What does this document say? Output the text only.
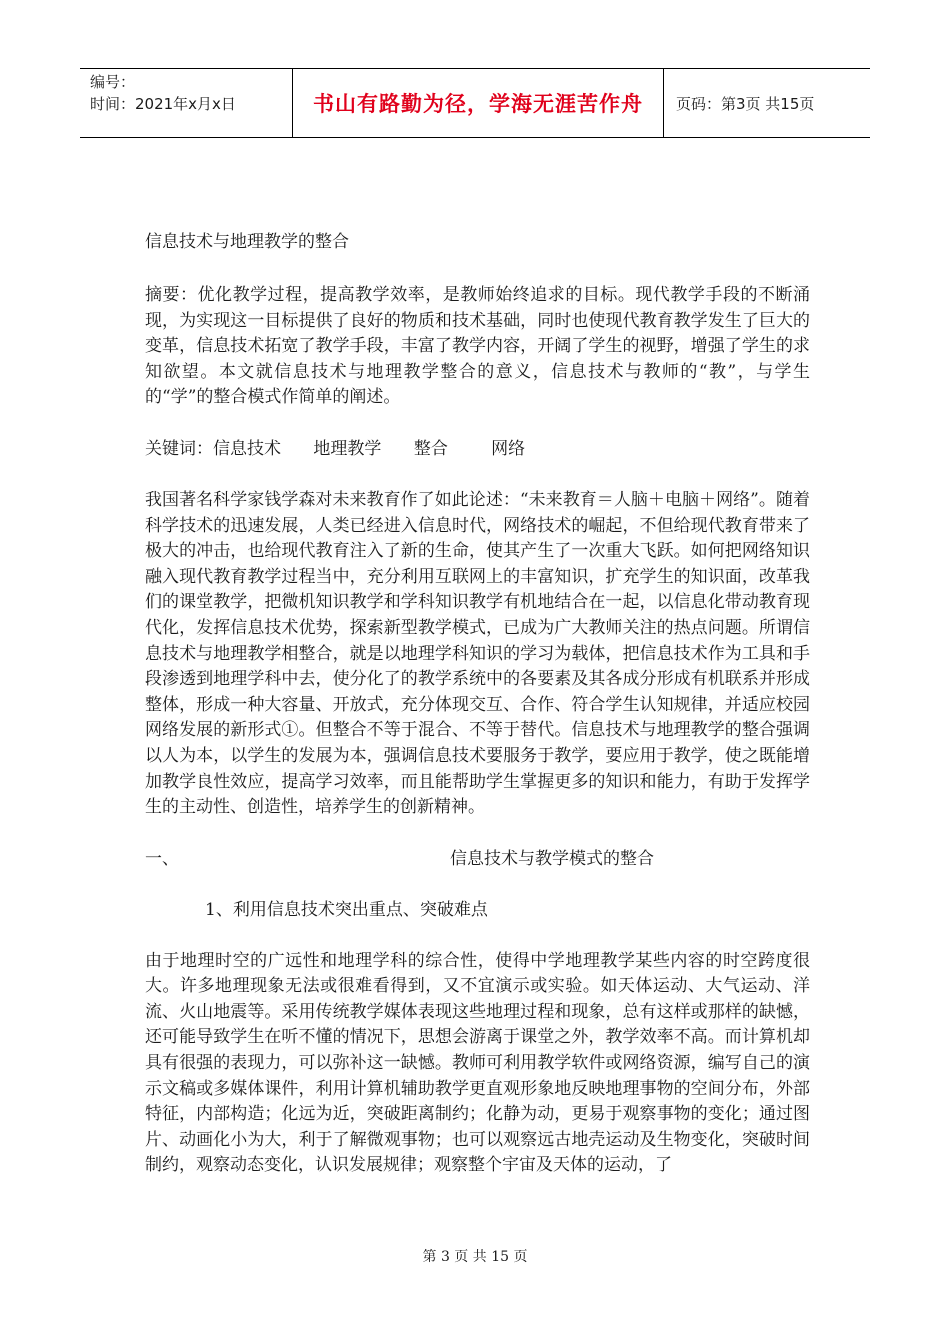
编号：
时间：2021年x月x日	书山有路勤为径，学海无涯苦作舟	页码：第3页 共15页

信息技术与地理教学的整合

摘要：优化教学过程，提高教学效率，是教师始终追求的目标。现代教学手段的不断涌现，为实现这一目标提供了良好的物质和技术基础，同时也使现代教育教学发生了巨大的变革，信息技术拓宽了教学手段，丰富了教学内容，开阔了学生的视野，增强了学生的求知欲望。本文就信息技术与地理教学整合的意义，信息技术与教师的“教”，与学生的“学”的整合模式作简单的阐述。

关键词：信息技术      地理教学      整合        网络

我国著名科学家钱学森对未来教育作了如此论述：“未来教育＝人脑＋电脑＋网络”。随着科学技术的迅速发展，人类已经进入信息时代，网络技术的崛起，不但给现代教育带来了极大的冲击，也给现代教育注入了新的生命，使其产生了一次重大飞跃。如何把网络知识融入现代教育教学过程当中，充分利用互联网上的丰富知识，扩充学生的知识面，改革我们的课堂教学，把微机知识教学和学科知识教学有机地结合在一起，以信息化带动教育现代化，发挥信息技术优势，探索新型教学模式，已成为广大教师关注的热点问题。所谓信息技术与地理教学相整合，就是以地理学科知识的学习为载体，把信息技术作为工具和手段渗透到地理学科中去，使分化了的教学系统中的各要素及其各成分形成有机联系并形成整体，形成一种大容量、开放式，充分体现交互、合作、符合学生认知规律，并适应校园网络发展的新形式①。但整合不等于混合、不等于替代。信息技术与地理教学的整合强调以人为本，以学生的发展为本，强调信息技术要服务于教学，要应用于教学，使之既能增加教学良性效应，提高学习效率，而且能帮助学生掌握更多的知识和能力，有助于发挥学生的主动性、创造性，培养学生的创新精神。

一、	信息技术与教学模式的整合
1、利用信息技术突出重点、突破难点

由于地理时空的广远性和地理学科的综合性，使得中学地理教学某些内容的时空跨度很大。许多地理现象无法或很难看得到，又不宜演示或实验。如天体运动、大气运动、洋流、火山地震等。采用传统教学媒体表现这些地理过程和现象，总有这样或那样的缺憾，还可能导致学生在听不懂的情况下，思想会游离于课堂之外，教学效率不高。而计算机却具有很强的表现力，可以弥补这一缺憾。教师可利用教学软件或网络资源，编写自己的演示文稿或多媒体课件，利用计算机辅助教学更直观形象地反映地理事物的空间分布，外部特征，内部构造；化远为近，突破距离制约；化静为动，更易于观察事物的变化；通过图片、动画化小为大，利于了解微观事物；也可以观察远古地壳运动及生物变化，突破时间制约，观察动态变化，认识发展规律；观察整个宇宙及天体的运动，了

第 3 页 共 15 页
